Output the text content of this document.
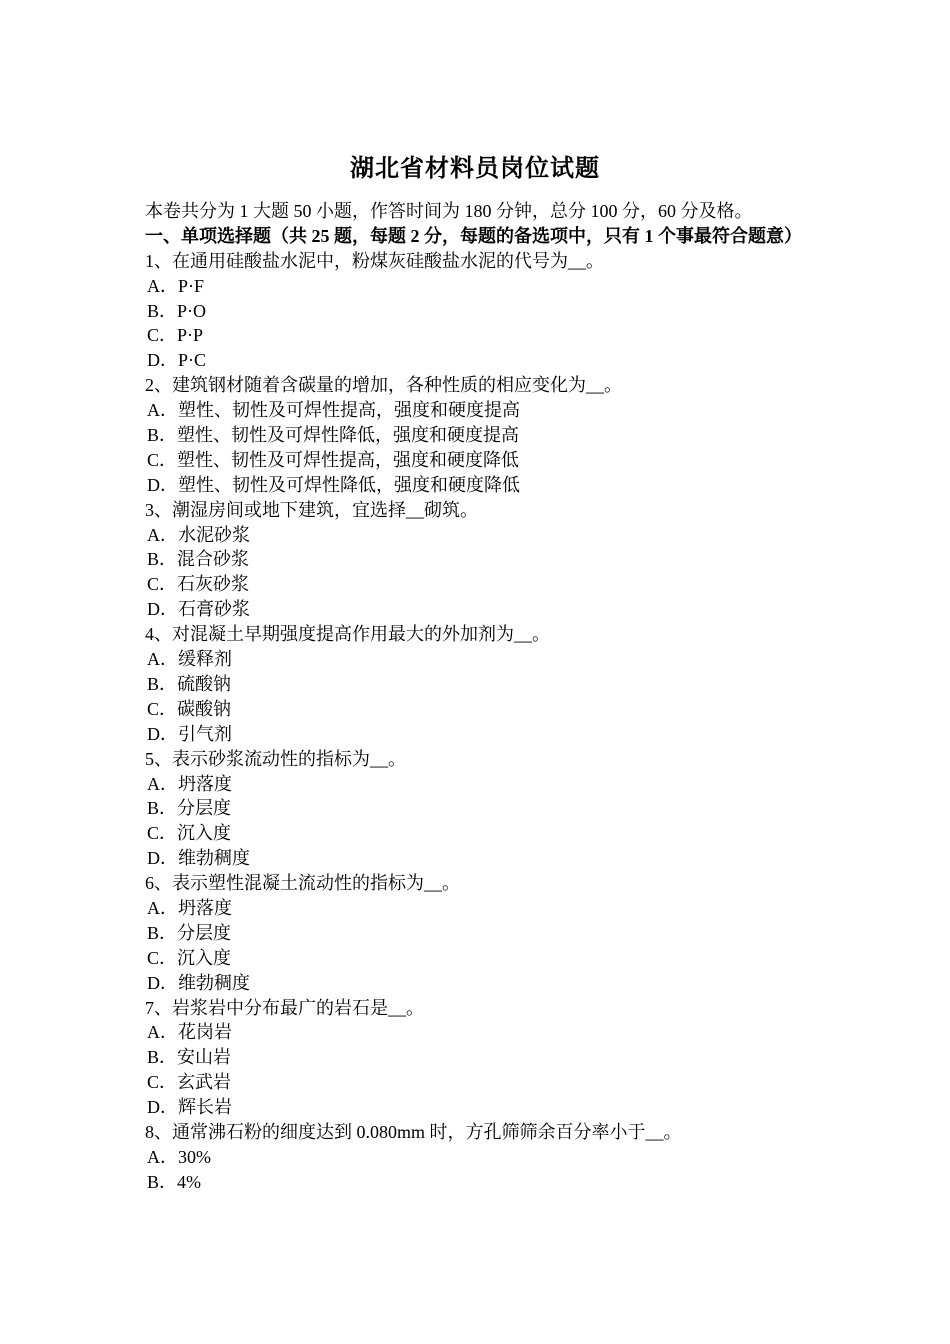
湖北省材料员岗位试题
本卷共分为 1 大题 50 小题，作答时间为 180 分钟，总分 100 分，60 分及格。
一、单项选择题（共 25 题，每题 2 分，每题的备选项中，只有 1 个事最符合题意）
1、在通用硅酸盐水泥中，粉煤灰硅酸盐水泥的代号为__。
A．P·F
B．P·O
C．P·P
D．P·C
2、建筑钢材随着含碳量的增加，各种性质的相应变化为__。
A．塑性、韧性及可焊性提高，强度和硬度提高
B．塑性、韧性及可焊性降低，强度和硬度提高
C．塑性、韧性及可焊性提高，强度和硬度降低
D．塑性、韧性及可焊性降低，强度和硬度降低
3、潮湿房间或地下建筑，宜选择__砌筑。
A．水泥砂浆
B．混合砂浆
C．石灰砂浆
D．石膏砂浆
4、对混凝土早期强度提高作用最大的外加剂为__。
A．缓释剂
B．硫酸钠
C．碳酸钠
D．引气剂
5、表示砂浆流动性的指标为__。
A．坍落度
B．分层度
C．沉入度
D．维勃稠度
6、表示塑性混凝土流动性的指标为__。
A．坍落度
B．分层度
C．沉入度
D．维勃稠度
7、岩浆岩中分布最广的岩石是__。
A．花岗岩
B．安山岩
C．玄武岩
D．辉长岩
8、通常沸石粉的细度达到 0.080mm 时，方孔筛筛余百分率小于__。
A．30%
B．4%
